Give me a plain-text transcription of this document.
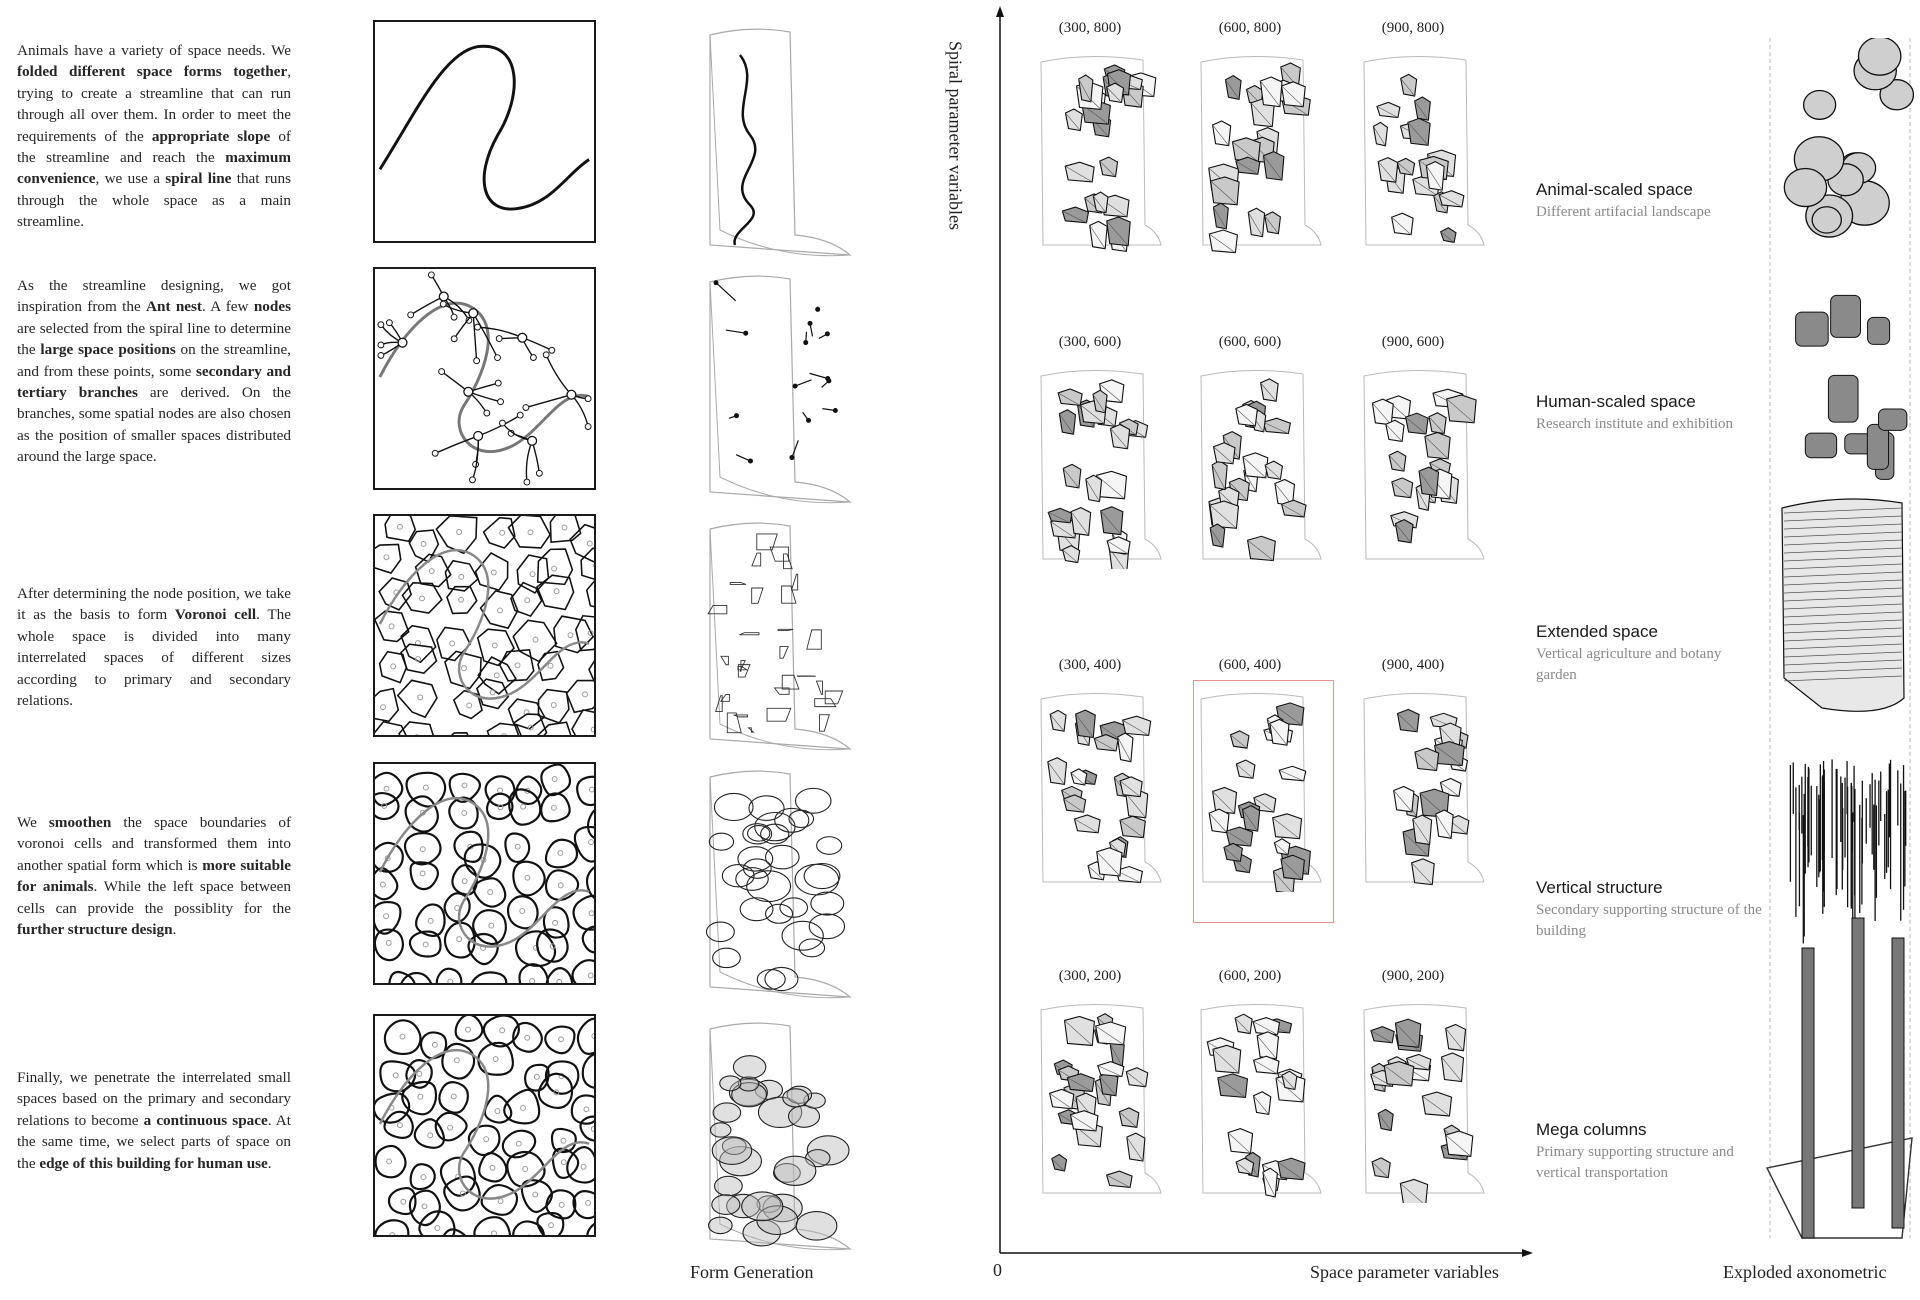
Animals have a variety of space needs. We folded different space forms together, trying to create a streamline that can run through all over them. In order to meet the requirements of the appropriate slope of the streamline and reach the maximum convenience, we use a spiral line that runs through the whole space as a main streamline.
As the streamline designing, we got inspiration from the Ant nest. A few nodes are selected from the spiral line to determine the large space positions on the streamline, and from these points, some secondary and tertiary branches are derived. On the branches, some spatial nodes are also chosen as the position of smaller spaces distributed around the large space.
After determining the node position, we take it as the basis to form Voronoi cell. The whole space is divided into many interrelated spaces of different sizes according to primary and secondary relations.
We smoothen the space boundaries of voronoi cells and transformed them into another spatial form which is more suitable for animals. While the left space between cells can provide the possiblity for the further structure design.
Finally, we penetrate the interrelated small spaces based on the primary and secondary relations to become a continuous space. At the same time, we select parts of space on the edge of this building for human use.
Form Generation
Spiral parameter variables
Space parameter variables
0
(300, 800)	(600, 800)	(900, 800)
(300, 600)	(600, 600)	(900, 600)
(300, 400)	(600, 400)	(900, 400)
(300, 200)	(600, 200)	(900, 200)
Animal-scaled space
Different artifacial landscape
Human-scaled space
Research institute and exhibition
Extended space
Vertical agriculture and botany garden
Vertical structure
Secondary supporting structure of the building
Mega columns
Primary supporting structure and vertical transportation
Exploded axonometric
